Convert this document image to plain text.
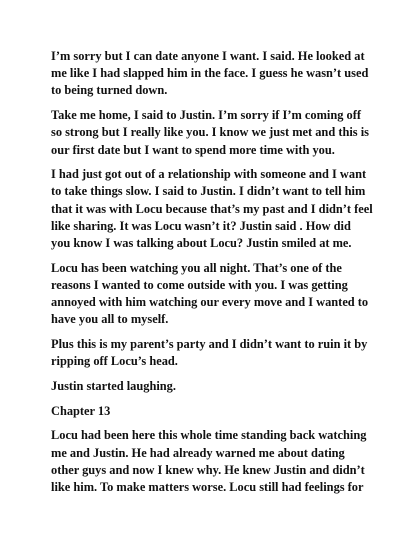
I’m sorry but I can date anyone I want. I said. He looked at me like I had slapped him in the face. I guess he wasn’t used to being turned down.

Take me home, I said to Justin. I’m sorry if I’m coming off so strong but I really like you. I know we just met and this is our first date but I want to spend more time with you.

I had just got out of a relationship with someone and I want to take things slow. I said to Justin. I didn’t want to tell him that it was with Locu because that’s my past and I didn’t feel like sharing. It was Locu wasn’t it? Justin said . How did you know I was talking about Locu? Justin smiled at me.

Locu has been watching you all night. That’s one of the reasons I wanted to come outside with you. I was getting annoyed with him watching our every move and I wanted to have you all to myself.

Plus this is my parent’s party and I didn’t want to ruin it by ripping off Locu’s head.

Justin started laughing.

Chapter 13

Locu had been here this whole time standing back watching me and Justin. He had already warned me about dating other guys and now I knew why. He knew Justin and didn’t like him. To make matters worse. Locu still had feelings for
